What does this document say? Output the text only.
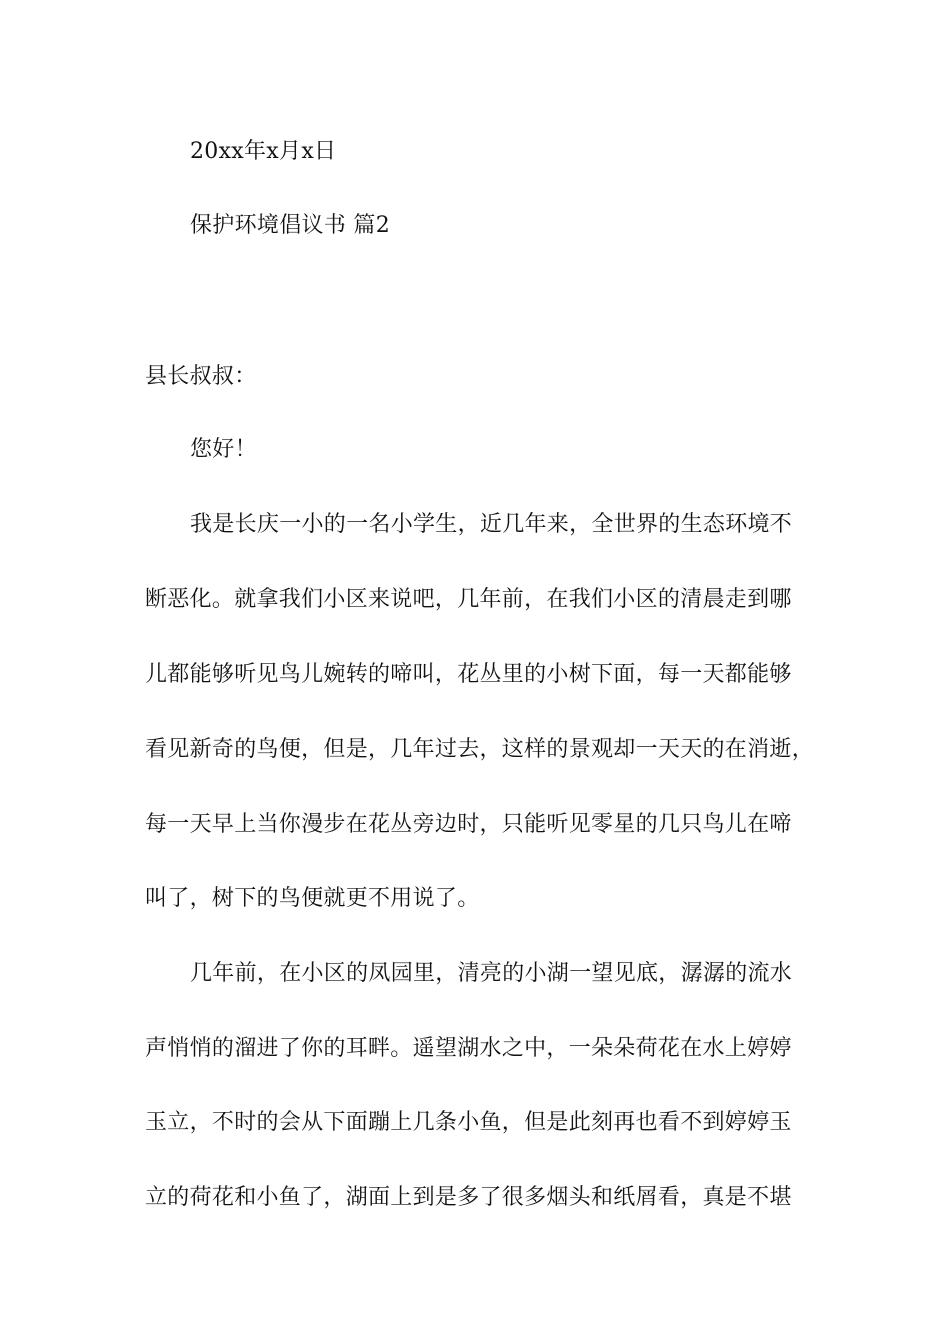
20xx年x月x日
保护环境倡议书 篇2
县长叔叔：
您好！
我是长庆一小的一名小学生，近几年来，全世界的生态环境不
断恶化。就拿我们小区来说吧，几年前，在我们小区的清晨走到哪
儿都能够听见鸟儿婉转的啼叫，花丛里的小树下面，每一天都能够
看见新奇的鸟便，但是，几年过去，这样的景观却一天天的在消逝，
每一天早上当你漫步在花丛旁边时，只能听见零星的几只鸟儿在啼
叫了，树下的鸟便就更不用说了。
几年前，在小区的凤园里，清亮的小湖一望见底，潺潺的流水
声悄悄的溜进了你的耳畔。遥望湖水之中，一朵朵荷花在水上婷婷
玉立，不时的会从下面蹦上几条小鱼，但是此刻再也看不到婷婷玉
立的荷花和小鱼了，湖面上到是多了很多烟头和纸屑看，真是不堪
